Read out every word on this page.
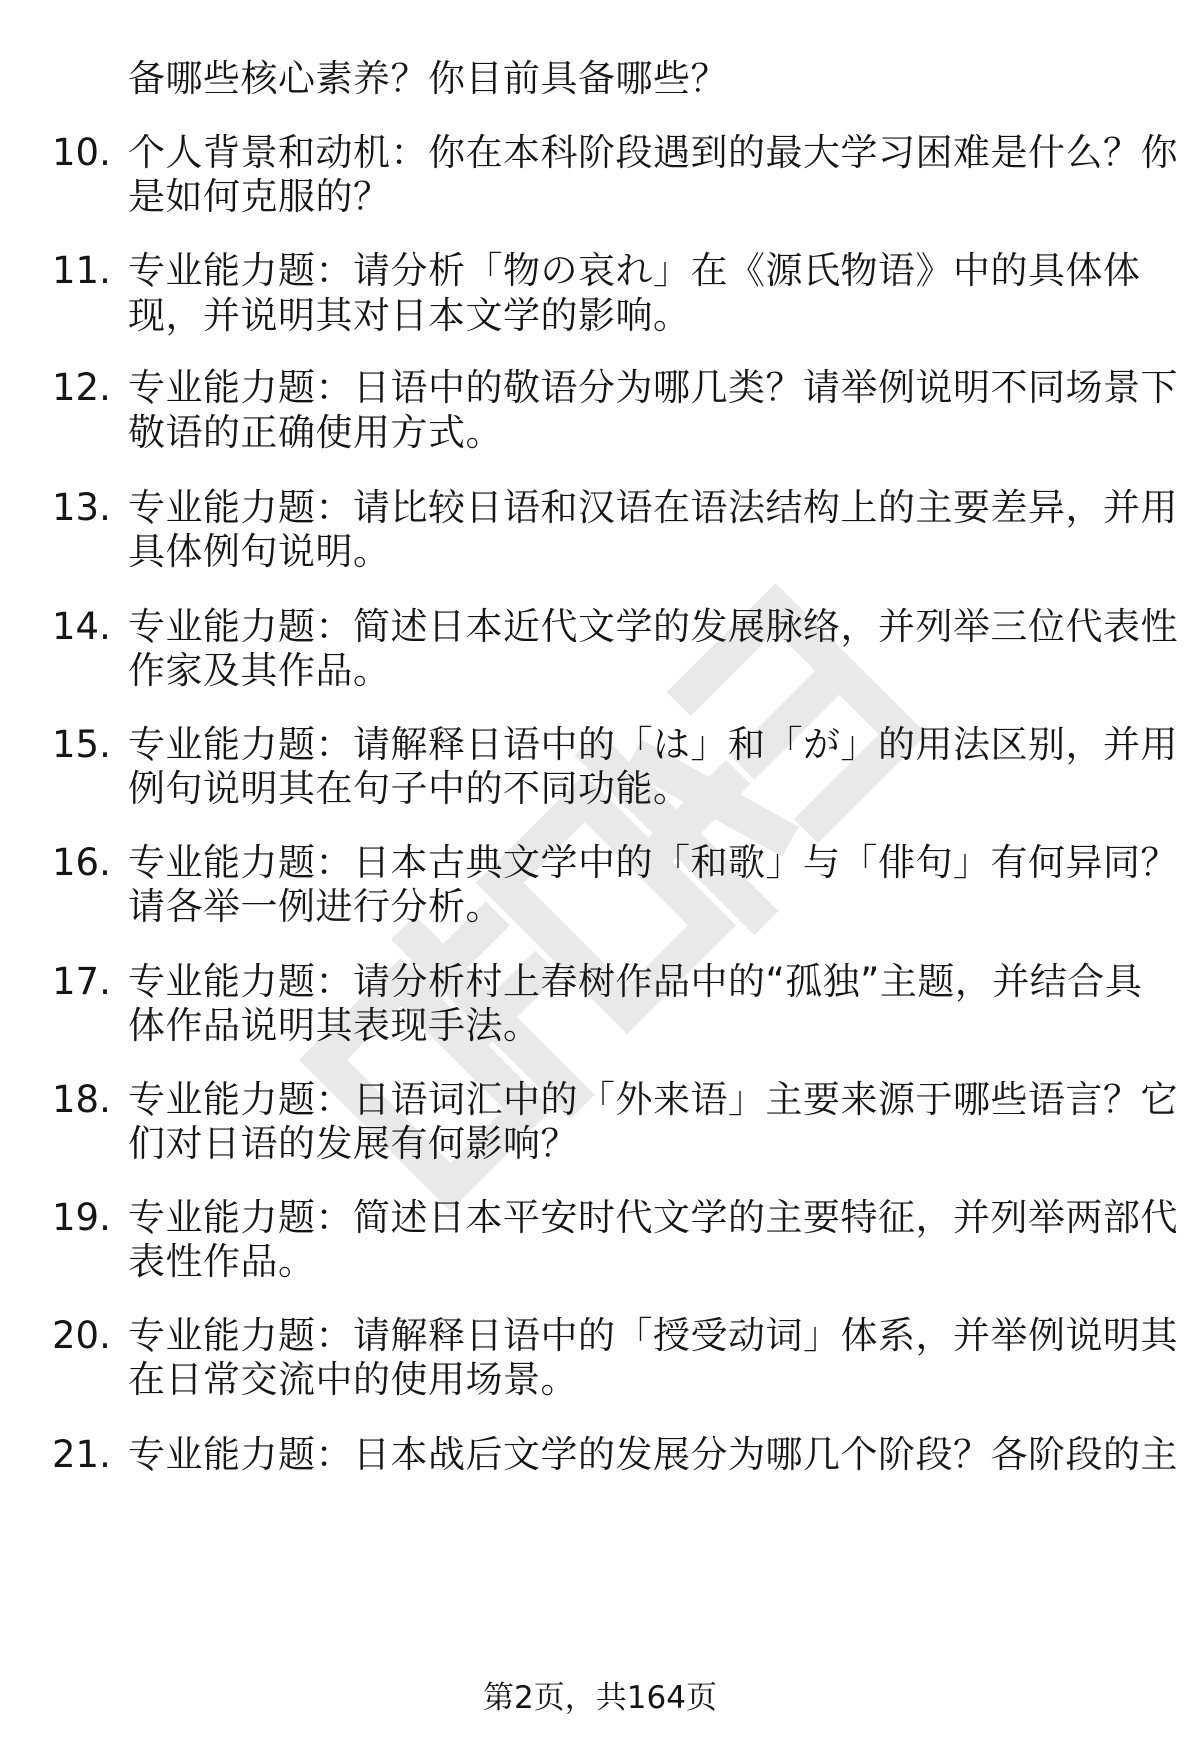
备哪些核心素养？你目前具备哪些？
10. 个人背景和动机：你在本科阶段遇到的最大学习困难是什么？你
是如何克服的？
11. 专业能力题：请分析「物の哀れ」在《源氏物语》中的具体体
现，并说明其对日本文学的影响。
12. 专业能力题：日语中的敬语分为哪几类？请举例说明不同场景下
敬语的正确使用方式。
13. 专业能力题：请比较日语和汉语在语法结构上的主要差异，并用
具体例句说明。
14. 专业能力题：简述日本近代文学的发展脉络，并列举三位代表性
作家及其作品。
15. 专业能力题：请解释日语中的「は」和「が」的用法区别，并用
例句说明其在句子中的不同功能。
16. 专业能力题：日本古典文学中的「和歌」与「俳句」有何异同？
请各举一例进行分析。
17. 专业能力题：请分析村上春树作品中的“孤独”主题，并结合具
体作品说明其表现手法。
18. 专业能力题：日语词汇中的「外来语」主要来源于哪些语言？它
们对日语的发展有何影响？
19. 专业能力题：简述日本平安时代文学的主要特征，并列举两部代
表性作品。
20. 专业能力题：请解释日语中的「授受动词」体系，并举例说明其
在日常交流中的使用场景。
21. 专业能力题：日本战后文学的发展分为哪几个阶段？各阶段的主
第2页，共164页
